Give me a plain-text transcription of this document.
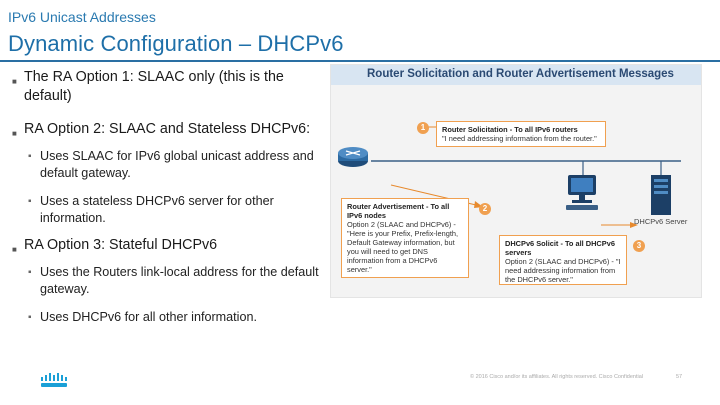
IPv6 Unicast Addresses
Dynamic Configuration – DHCPv6
■ The RA Option 1: SLAAC only (this is the default)
■ RA Option 2: SLAAC and Stateless DHCPv6:
▪ Uses SLAAC for IPv6 global unicast address and default gateway.
▪ Uses a stateless DHCPv6 server for other information.
■ RA Option 3: Stateful DHCPv6
▪ Uses the Routers link-local address for the default gateway.
▪ Uses DHCPv6 for all other information.
Router Solicitation and Router Advertisement Messages
DHCPv6 Server
1	Router Solicitation - To all IPv6 routers
"I need addressing information from the router."
2
Router Advertisement - To all IPv6 nodes
Option 2 (SLAAC and DHCPv6) - "Here is your Prefix, Prefix-length, Default Gateway information, but you will need to get DNS information from a DHCPv6 server."
3
DHCPv6 Solicit - To all DHCPv6 servers
Option 2 (SLAAC and DHCPv6) - "I need addressing information from the DHCPv6 server."
© 2016 Cisco and/or its affiliates. All rights reserved. Cisco Confidential	57
